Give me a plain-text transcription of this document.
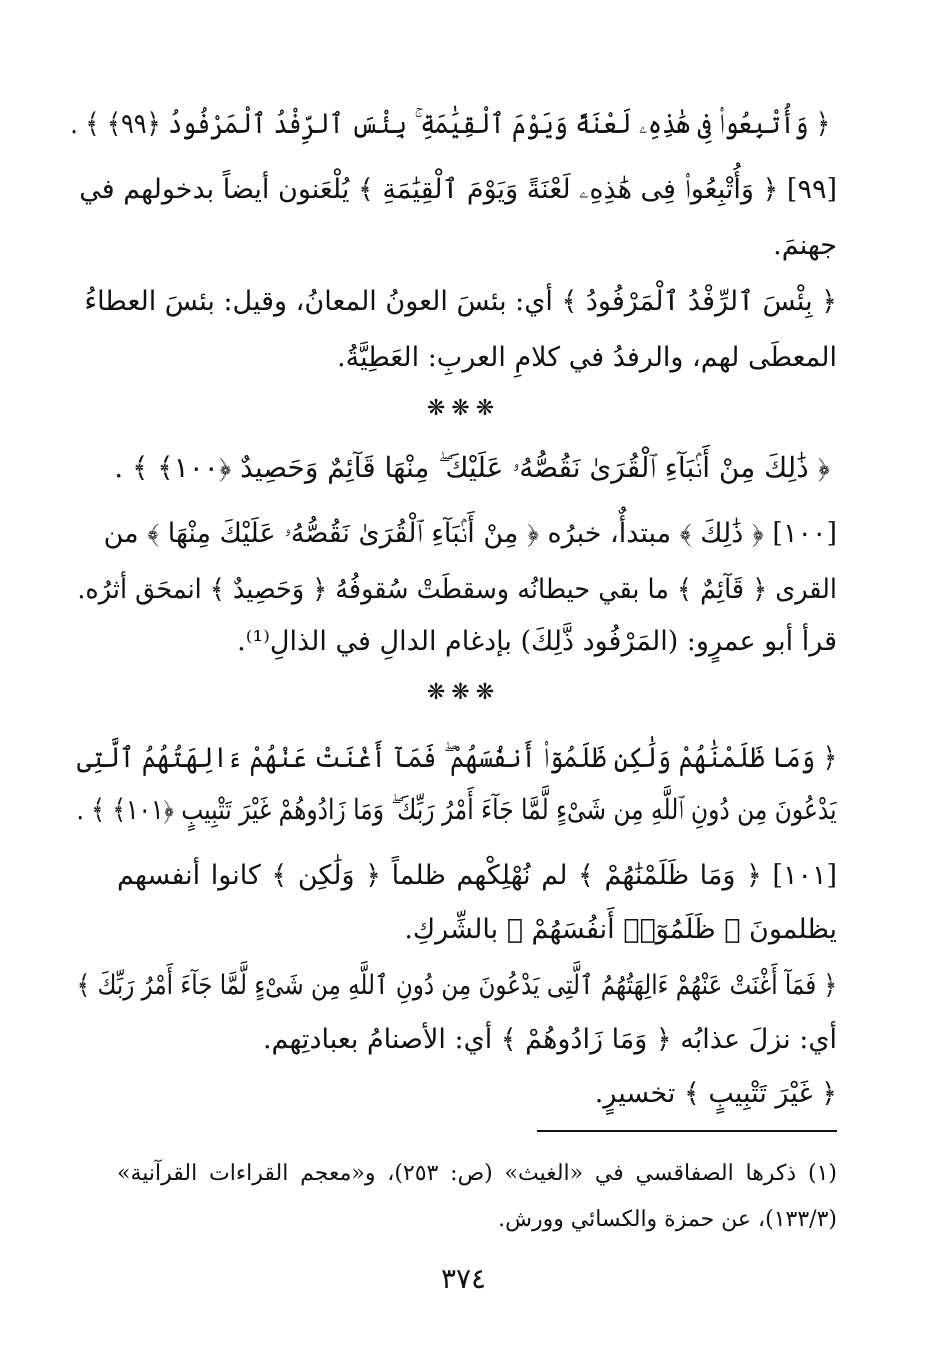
﴿ وَأُتْبِعُوا۟ فِى هَٰذِهِۦ لَعْنَةً وَيَوْمَ ٱلْقِيَٰمَةِ ۚ بِئْسَ ٱلرِّفْدُ ٱلْمَرْفُودُ ﴿٩٩﴾ ﴾ .
[٩٩] ﴿ وَأُتْبِعُوا۟ فِى هَٰذِهِۦ لَعْنَةً وَيَوْمَ ٱلْقِيَٰمَةِ ﴾ يُلْعَنون أيضاً بدخولهم في
جهنمَ.
﴿ بِئْسَ ٱلرِّفْدُ ٱلْمَرْفُودُ ﴾ أي: بئسَ العونُ المعانُ، وقيل: بئسَ العطاءُ
المعطَى لهم، والرفدُ في كلامِ العربِ: العَطِيَّةُ.
❋❋❋
﴿ ذَٰلِكَ مِنْ أَنۢبَآءِ ٱلْقُرَىٰ نَقُصُّهُۥ عَلَيْكَ ۖ مِنْهَا قَآئِمٌ وَحَصِيدٌ ﴿١٠٠﴾ ﴾ .
[١٠٠] ﴿ ذَٰلِكَ ﴾ مبتدأٌ، خبرُه ﴿ مِنْ أَنۢبَآءِ ٱلْقُرَىٰ نَقُصُّهُۥ عَلَيْكَ مِنْهَا ﴾ من
القرى ﴿ قَآئِمٌ ﴾ ما بقي حيطانُه وسقطَتْ سُقوفُهُ ﴿ وَحَصِيدٌ ﴾ انمحَق أثرُه.
قرأ أبو عمرٍو: (المَرْفُود ذَّلِكَ) بإدغام الدالِ في الذالِ⁽¹⁾.
❋❋❋
﴿ وَمَا ظَلَمْنَٰهُمْ وَلَٰكِن ظَلَمُوٓا۟ أَنفُسَهُمْ ۖ فَمَآ أَغْنَتْ عَنْهُمْ ءَالِهَتُهُمُ ٱلَّتِى
يَدْعُونَ مِن دُونِ ٱللَّهِ مِن شَىْءٍ لَّمَّا جَآءَ أَمْرُ رَبِّكَ ۖ وَمَا زَادُوهُمْ غَيْرَ تَتْبِيبٍ ﴿١٠١﴾ ﴾ .
[١٠١] ﴿ وَمَا ظَلَمْنَٰهُمْ ﴾ لم نُهْلِكْهم ظلماً ﴿ وَلَٰكِن ﴾ كانوا أنفسهم
يظلمونَ ﴿ ظَلَمُوٓا۟ أَنفُسَهُمْ ﴾ بالشِّركِ.
﴿ فَمَآ أَغْنَتْ عَنْهُمْ ءَالِهَتُهُمُ ٱلَّتِى يَدْعُونَ مِن دُونِ ٱللَّهِ مِن شَىْءٍ لَّمَّا جَآءَ أَمْرُ رَبِّكَ ﴾
أي: نزلَ عذابُه ﴿ وَمَا زَادُوهُمْ ﴾ أي: الأصنامُ بعبادتِهم.
﴿ غَيْرَ تَتْبِيبٍ ﴾ تخسيرٍ.
(١) ذكرها الصفاقسي في «الغيث» (ص: ٢٥٣)، و«معجم القراءات القرآنية»
(١٣٣/٣)، عن حمزة والكسائي وورش.
٣٧٤
